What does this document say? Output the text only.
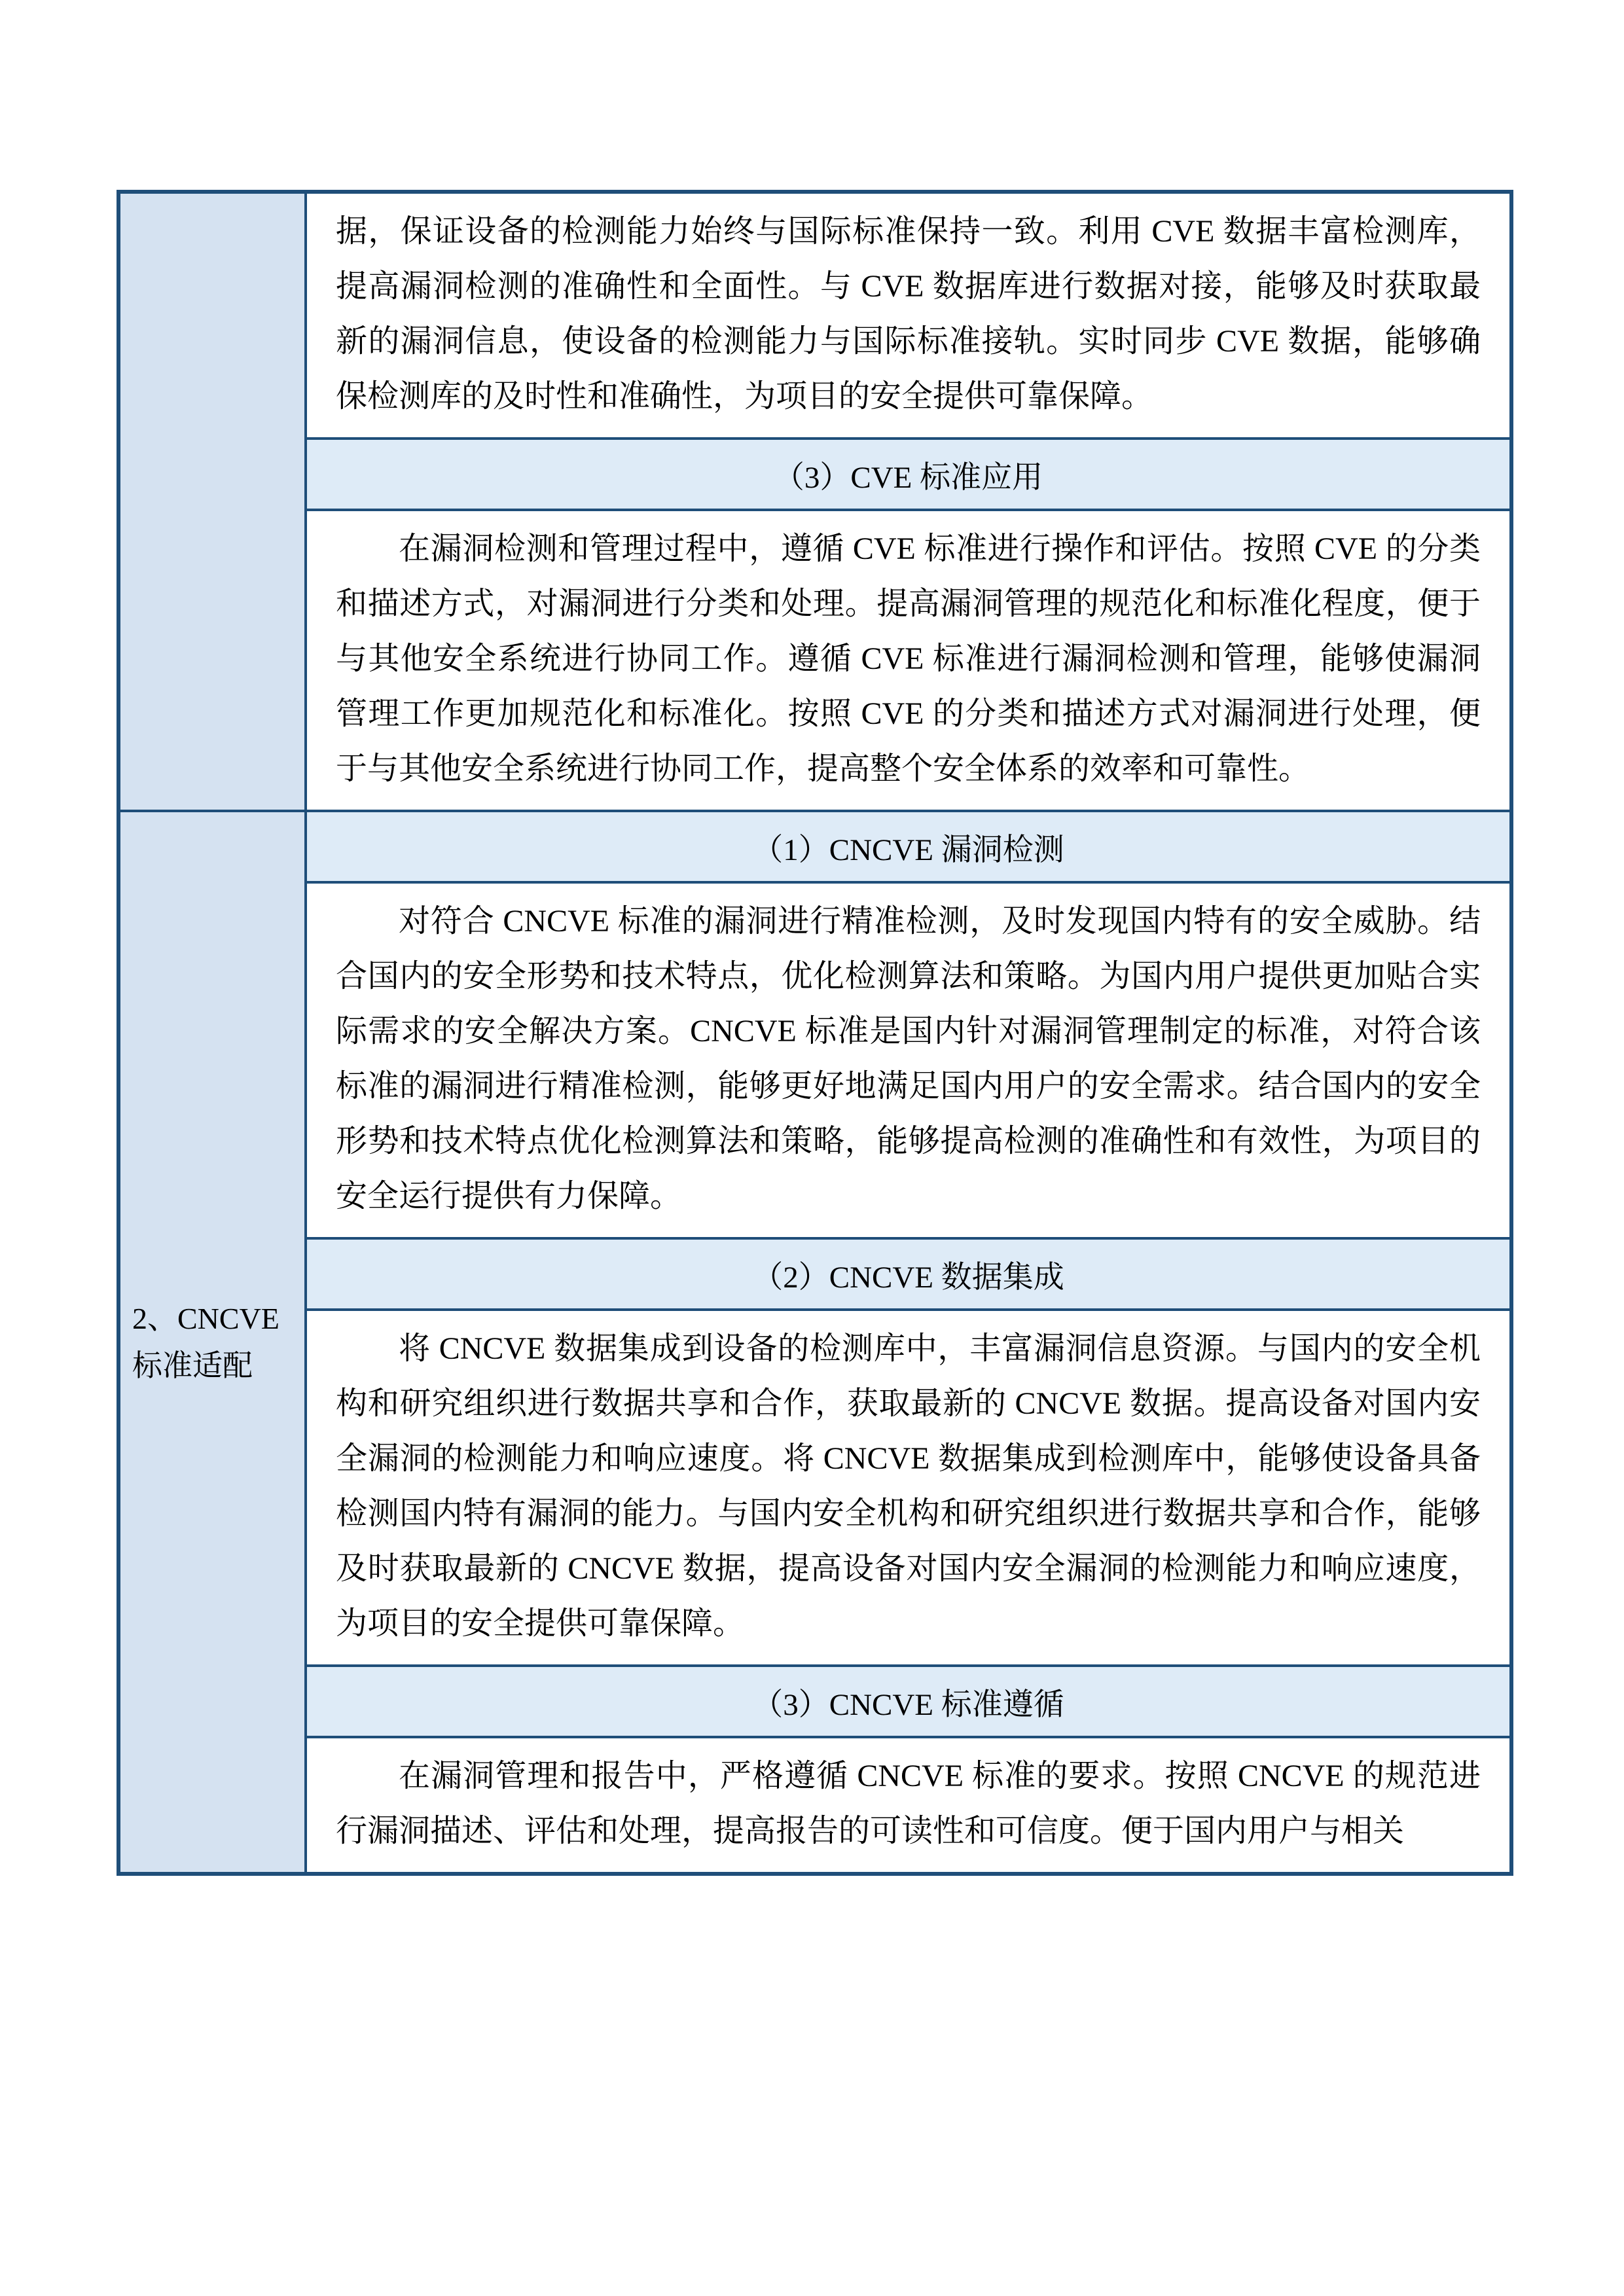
据，保证设备的检测能力始终与国际标准保持一致。利用 CVE 数据丰富检测库，提高漏洞检测的准确性和全面性。与 CVE 数据库进行数据对接，能够及时获取最新的漏洞信息，使设备的检测能力与国际标准接轨。实时同步 CVE 数据，能够确保检测库的及时性和准确性，为项目的安全提供可靠保障。
（3）CVE 标准应用
在漏洞检测和管理过程中，遵循 CVE 标准进行操作和评估。按照 CVE 的分类和描述方式，对漏洞进行分类和处理。提高漏洞管理的规范化和标准化程度，便于与其他安全系统进行协同工作。遵循 CVE 标准进行漏洞检测和管理，能够使漏洞管理工作更加规范化和标准化。按照 CVE 的分类和描述方式对漏洞进行处理，便于与其他安全系统进行协同工作，提高整个安全体系的效率和可靠性。
2、CNCVE
标准适配
（1）CNCVE 漏洞检测
对符合 CNCVE 标准的漏洞进行精准检测，及时发现国内特有的安全威胁。结合国内的安全形势和技术特点，优化检测算法和策略。为国内用户提供更加贴合实际需求的安全解决方案。CNCVE 标准是国内针对漏洞管理制定的标准，对符合该标准的漏洞进行精准检测，能够更好地满足国内用户的安全需求。结合国内的安全形势和技术特点优化检测算法和策略，能够提高检测的准确性和有效性，为项目的安全运行提供有力保障。
（2）CNCVE 数据集成
将 CNCVE 数据集成到设备的检测库中，丰富漏洞信息资源。与国内的安全机构和研究组织进行数据共享和合作，获取最新的 CNCVE 数据。提高设备对国内安全漏洞的检测能力和响应速度。将 CNCVE 数据集成到检测库中，能够使设备具备检测国内特有漏洞的能力。与国内安全机构和研究组织进行数据共享和合作，能够及时获取最新的 CNCVE 数据，提高设备对国内安全漏洞的检测能力和响应速度，为项目的安全提供可靠保障。
（3）CNCVE 标准遵循
在漏洞管理和报告中，严格遵循 CNCVE 标准的要求。按照 CNCVE 的规范进行漏洞描述、评估和处理，提高报告的可读性和可信度。便于国内用户与相关
